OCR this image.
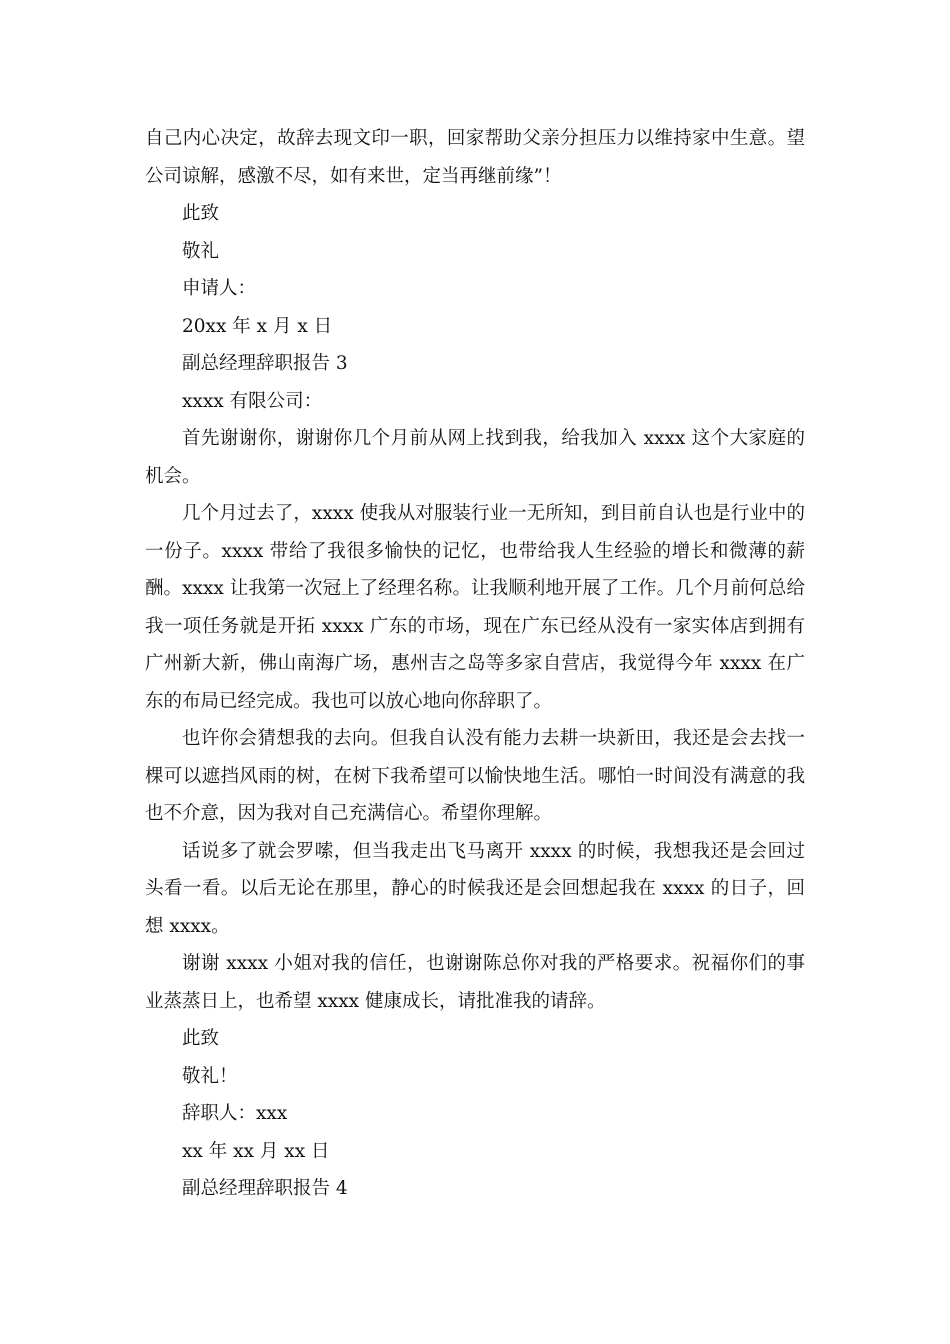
自己内心决定，故辞去现文印一职，回家帮助父亲分担压力以维持家中生意。望公司谅解，感激不尽，如有来世，定当再继前缘”！
此致
敬礼
申请人：
20xx 年 x 月 x 日
副总经理辞职报告 3
xxxx 有限公司：
首先谢谢你，谢谢你几个月前从网上找到我，给我加入 xxxx 这个大家庭的机会。
几个月过去了，xxxx 使我从对服装行业一无所知，到目前自认也是行业中的一份子。xxxx 带给了我很多愉快的记忆，也带给我人生经验的增长和微薄的薪酬。xxxx 让我第一次冠上了经理名称。让我顺利地开展了工作。几个月前何总给我一项任务就是开拓 xxxx 广东的市场，现在广东已经从没有一家实体店到拥有广州新大新，佛山南海广场，惠州吉之岛等多家自营店，我觉得今年 xxxx 在广东的布局已经完成。我也可以放心地向你辞职了。
也许你会猜想我的去向。但我自认没有能力去耕一块新田，我还是会去找一棵可以遮挡风雨的树，在树下我希望可以愉快地生活。哪怕一时间没有满意的我也不介意，因为我对自己充满信心。希望你理解。
话说多了就会罗嗦，但当我走出飞马离开 xxxx 的时候，我想我还是会回过头看一看。以后无论在那里，静心的时候我还是会回想起我在 xxxx 的日子，回想 xxxx。
谢谢 xxxx 小姐对我的信任，也谢谢陈总你对我的严格要求。祝福你们的事业蒸蒸日上，也希望 xxxx 健康成长，请批准我的请辞。
此致
敬礼！
辞职人：xxx
xx 年 xx 月 xx 日
副总经理辞职报告 4
